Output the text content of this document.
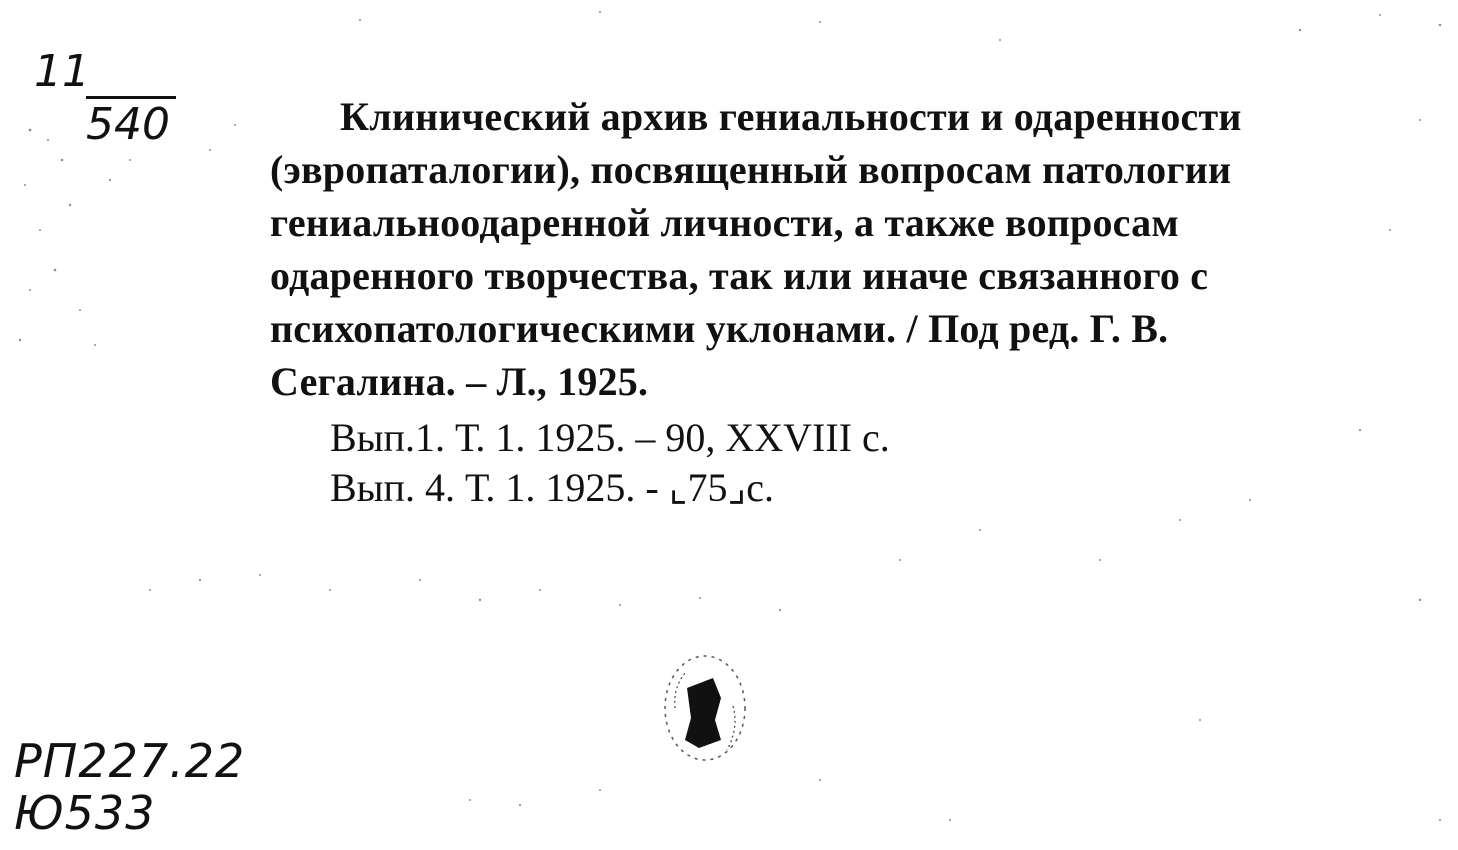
11
540	Клинический архив гениальности и одаренности
(эвропаталогии), посвященный вопросам патологии
гениальноодаренной личности, а также вопросам
одаренного творчества, так или иначе связанного с
психопатологическими уклонами. / Под ред. Г. В.
Сегалина. – Л., 1925.
Вып.1. Т. 1. 1925. – 90, XXVIII с.
Вып. 4. Т. 1. 1925. - ⌞75⌟с.
РП227.22
Ю533
